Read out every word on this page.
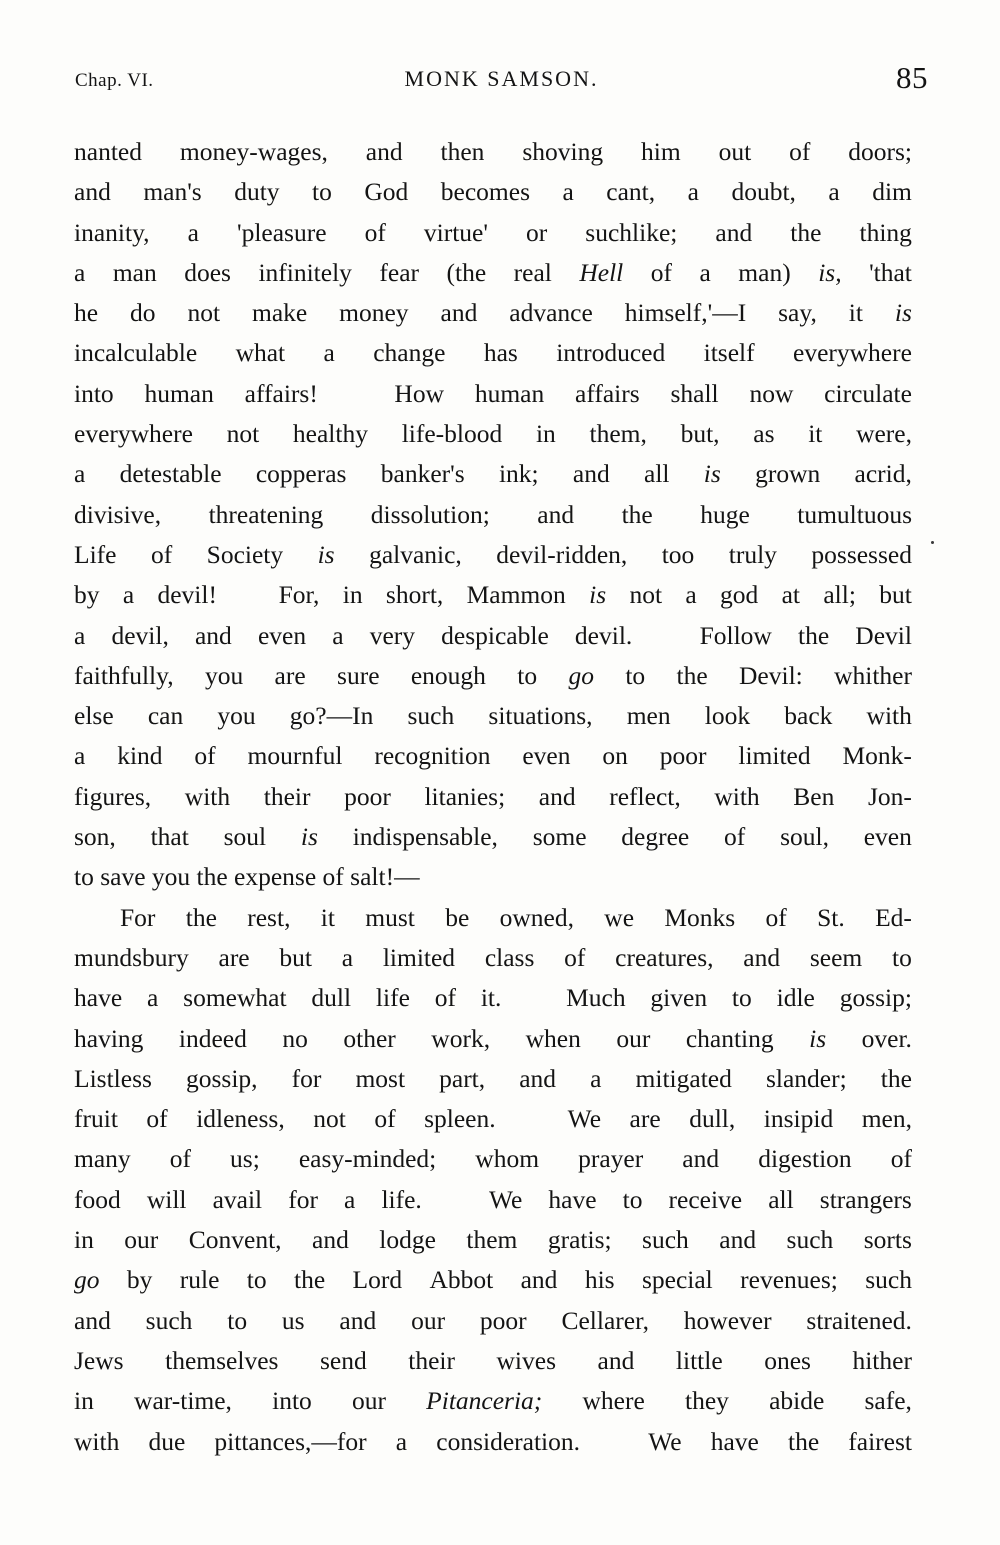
Chap. VI.	MONK SAMSON.	85

nanted money-wages, and then shoving him out of doors;
and man's duty to God becomes a cant, a doubt, a dim
inanity, a 'pleasure of virtue' or suchlike; and the thing
a man does infinitely fear (the real Hell of a man) is, 'that
he do not make money and advance himself,'—I say, it is
incalculable what a change has introduced itself everywhere
into human affairs!	How human affairs shall now circulate
everywhere not healthy life-blood in them, but, as it were,
a detestable copperas banker's ink; and all is grown acrid,
divisive, threatening dissolution; and the huge tumultuous
Life of Society is galvanic, devil-ridden, too truly possessed
by a devil! For, in short, Mammon is not a god at all; but
a devil, and even a very despicable devil.	Follow the Devil
faithfully, you are sure enough to go to the Devil: whither
else can you go?—In such situations, men look back with
a kind of mournful recognition even on poor limited Monk-
figures, with their poor litanies; and reflect, with Ben Jon-
son, that soul is indispensable, some degree of soul, even
to save you the expense of salt!—

For the rest, it must be owned, we Monks of St. Ed-
mundsbury are but a limited class of creatures, and seem to
have a somewhat dull life of it.	Much given to idle gossip;
having indeed no other work, when our chanting is over.
Listless gossip, for most part, and a mitigated slander; the
fruit of idleness, not of spleen.	We are dull, insipid men,
many of us; easy-minded; whom prayer and digestion of
food will avail for a life.	We have to receive all strangers
in our Convent, and lodge them gratis; such and such sorts
go by rule to the Lord Abbot and his special revenues; such
and such to us and our poor Cellarer, however straitened.
Jews themselves send their wives and little ones hither
in war-time, into our Pitanceria; where they abide safe,
with due pittances,—for a consideration.	We have the fairest
